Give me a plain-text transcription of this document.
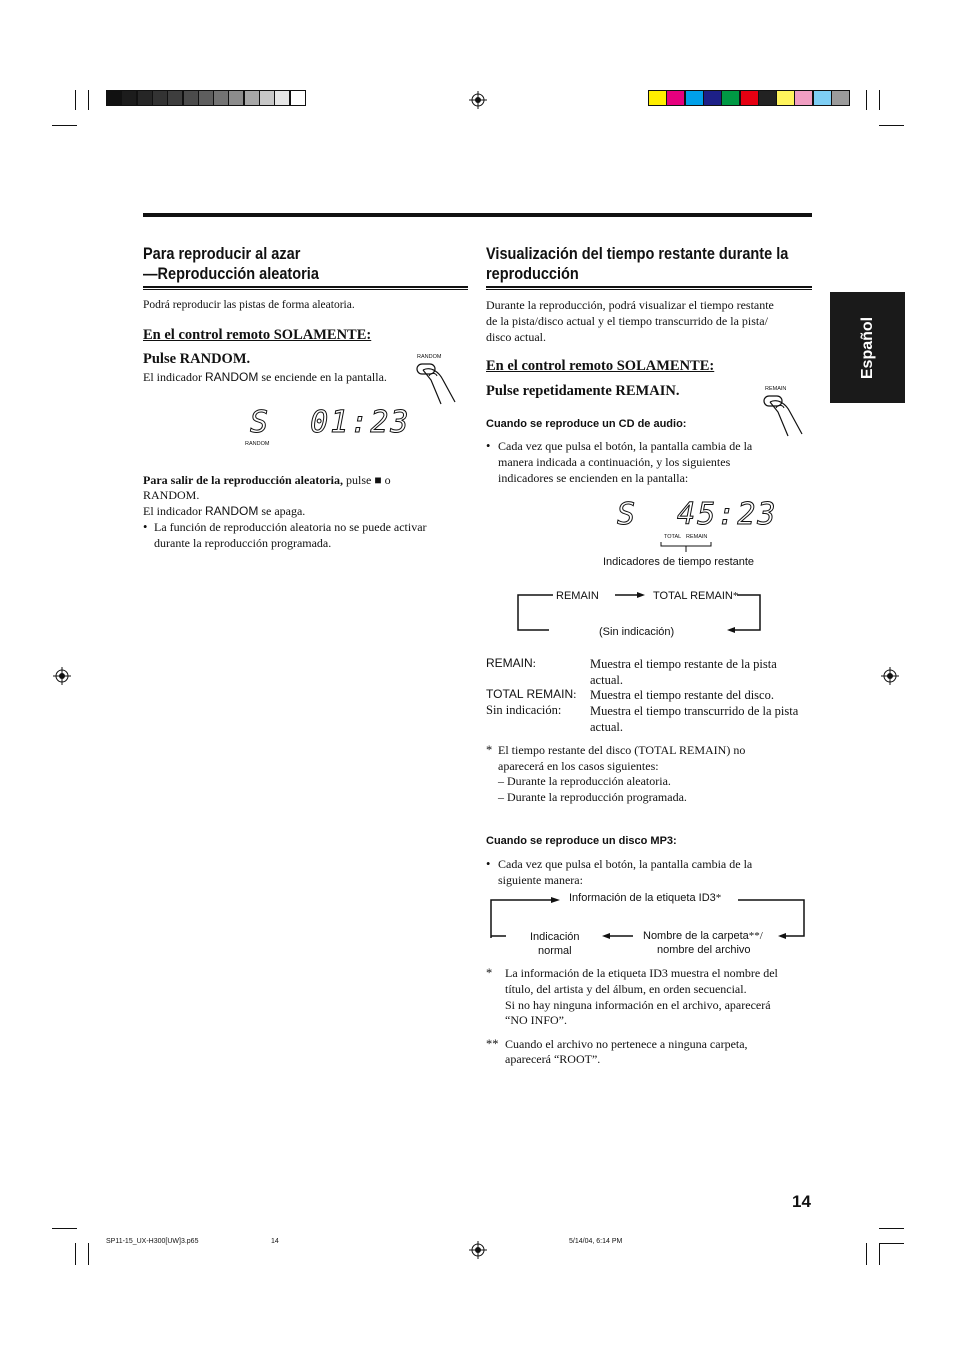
Español
Para reproducir al azar
—Reproducción aleatoria
Podrá reproducir las pistas de forma aleatoria.
En el control remoto SOLAMENTE:
Pulse RANDOM.
El indicador RANDOM se enciende en la pantalla.
RANDOM
S  01:23
RANDOM
Para salir de la reproducción aleatoria, pulse ■ o
RANDOM.
El indicador RANDOM se apaga.
• La función de reproducción aleatoria no se puede activar
durante la reproducción programada.
Visualización del tiempo restante durante la
reproducción
Durante la reproducción, podrá visualizar el tiempo restante
de la pista/disco actual y el tiempo transcurrido de la pista/
disco actual.
En el control remoto SOLAMENTE:
Pulse repetidamente REMAIN.	REMAIN
Cuando se reproduce un CD de audio:
• Cada vez que pulsa el botón, la pantalla cambia de la
manera indicada a continuación, y los siguientes
indicadores se encienden en la pantalla:
S  45:23
TOTAL REMAIN
Indicadores de tiempo restante
REMAIN	TOTAL REMAIN*
(Sin indicación)
REMAIN:	Muestra el tiempo restante de la pista
actual.
TOTAL REMAIN: Muestra el tiempo restante del disco.
Sin indicación: Muestra el tiempo transcurrido de la pista
actual.
* El tiempo restante del disco (TOTAL REMAIN) no
aparecerá en los casos siguientes:
– Durante la reproducción aleatoria.
– Durante la reproducción programada.
Cuando se reproduce un disco MP3:
• Cada vez que pulsa el botón, la pantalla cambia de la
siguiente manera:
Información de la etiqueta ID3*
Indicación
normal
Nombre de la carpeta**/
nombre del archivo
* La información de la etiqueta ID3 muestra el nombre del
título, del artista y del álbum, en orden secuencial.
Si no hay ninguna información en el archivo, aparecerá
“NO INFO”.
** Cuando el archivo no pertenece a ninguna carpeta,
aparecerá “ROOT”.
14
SP11-15_UX-H300[UW]3.p65	14	5/14/04, 6:14 PM
